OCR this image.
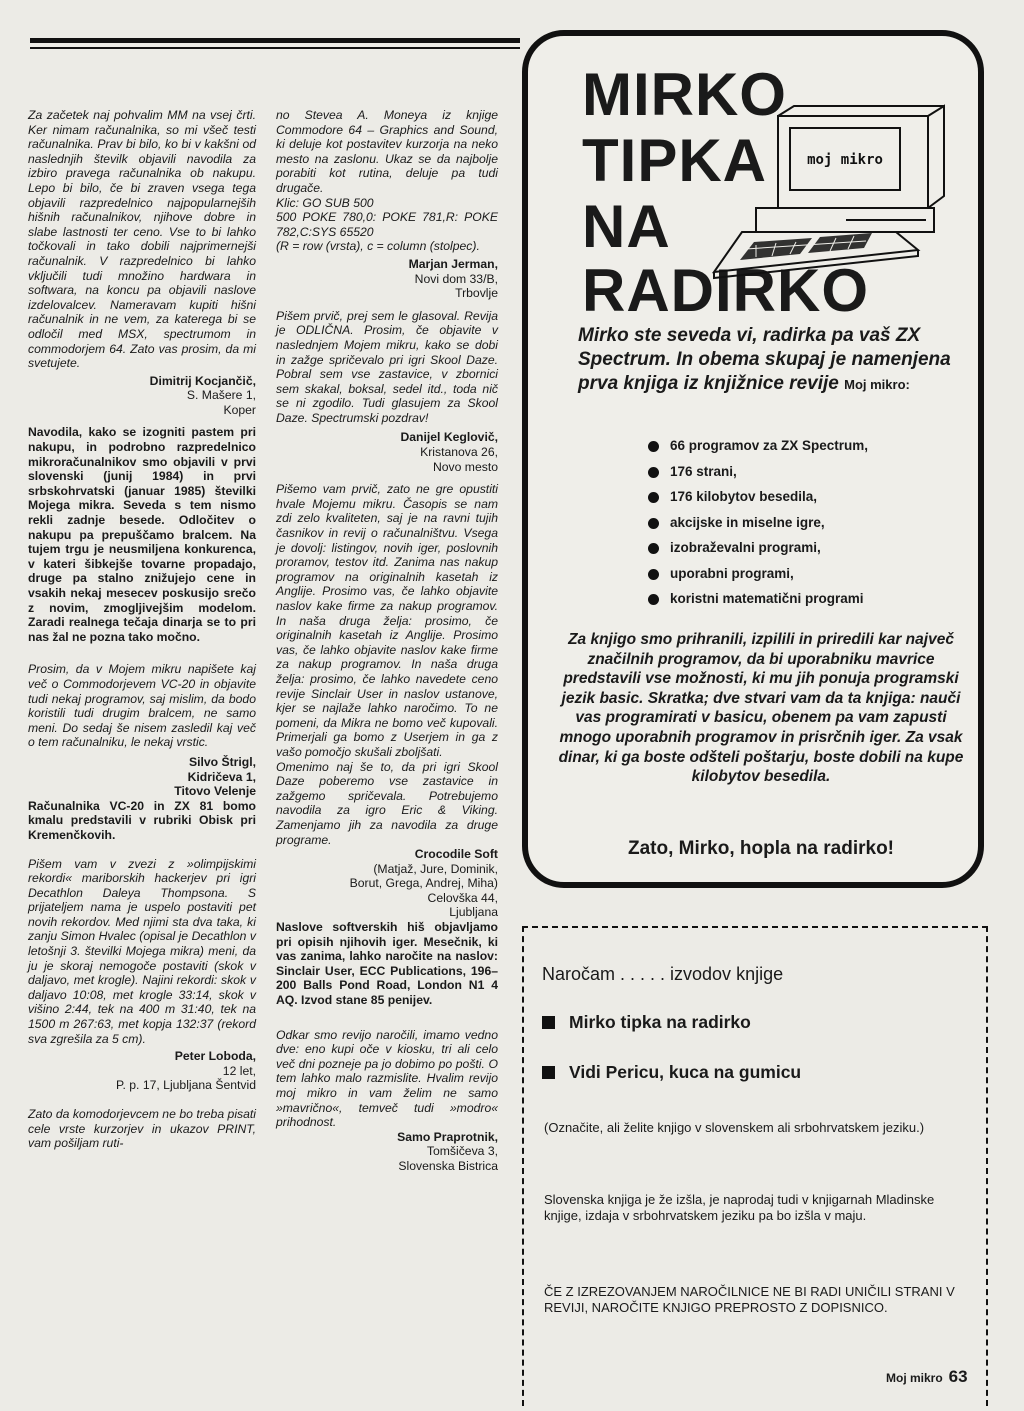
Za začetek naj pohvalim MM na vsej črti. Ker nimam računalnika, so mi všeč testi računalnika. Prav bi bilo, ko bi v kakšni od naslednjih številk objavili navodila za izbiro pravega računalnika ob nakupu. Lepo bi bilo, če bi zraven vsega tega objavili razpredelnico najpopularnejših hišnih računalnikov, njihove dobre in slabe lastnosti ter ceno. Vse to bi lahko točkovali in tako dobili najprimernejši računalnik. V razpredelnico bi lahko vključili tudi množino hardwara in softwara, na koncu pa objavili naslove izdelovalcev. Nameravam kupiti hišni računalnik in ne vem, za katerega bi se odločil med MSX, spectrumom in commodorjem 64. Zato vas prosim, da mi svetujete.

Dimitrij Kocjančič,
S. Mašere 1,
Koper

Navodila, kako se izogniti pastem pri nakupu, in podrobno razpredelnico mikroračunalnikov smo objavili v prvi slovenski (junij 1984) in prvi srbskohrvatski (januar 1985) številki Mojega mikra. Seveda s tem nismo rekli zadnje besede. Odločitev o nakupu pa prepuščamo bralcem. Na tujem trgu je neusmiljena konkurenca, v kateri šibkejše tovarne propadajo, druge pa stalno znižujejo cene in vsakih nekaj mesecev poskusijo srečo z novim, zmogljivejšim modelom. Zaradi realnega tečaja dinarja se to pri nas žal ne pozna tako močno.

Prosim, da v Mojem mikru napišete kaj več o Commodorjevem VC-20 in objavite tudi nekaj programov, saj mislim, da bodo koristili tudi drugim bralcem, ne samo meni. Do sedaj še nisem zasledil kaj več o tem računalniku, le nekaj vrstic.

Silvo Štrigl,
Kidričeva 1,
Titovo Velenje

Računalnika VC-20 in ZX 81 bomo kmalu predstavili v rubriki Obisk pri Kremenčkovih.

Pišem vam v zvezi z »olimpijskimi rekordi« mariborskih hackerjev pri igri Decathlon Daleya Thompsona. S prijateljem nama je uspelo postaviti pet novih rekordov. Med njimi sta dva taka, ki zanju Simon Hvalec (opisal je Decathlon v letošnji 3. številki Mojega mikra) meni, da ju je skoraj nemogoče postaviti (skok v daljavo, met krogle). Najini rekordi: skok v daljavo 10:08, met krogle 33:14, skok v višino 2:44, tek na 400 m 31:40, tek na 1500 m 267:63, met kopja 132:37 (rekord sva zgrešila za 5 cm).

Peter Loboda,
12 let,
P. p. 17, Ljubljana Šentvid

Zato da komodorjevcem ne bo treba pisati cele vrste kurzorjev in ukazov PRINT, vam pošiljam ruti-

no Stevea A. Moneya iz knjige Commodore 64 – Graphics and Sound, ki deluje kot postavitev kurzorja na neko mesto na zaslonu. Ukaz se da najbolje porabiti kot rutina, deluje pa tudi drugače.

Klic: GO SUB 500
500 POKE 780,0: POKE 781,R: POKE 782,C:SYS 65520
(R = row (vrsta), c = column (stolpec).

Marjan Jerman,
Novi dom 33/B,
Trbovlje

Pišem prvič, prej sem le glasoval. Revija je ODLIČNA. Prosim, če objavite v naslednjem Mojem mikru, kako se dobi in zažge spričevalo pri igri Skool Daze. Pobral sem vse zastavice, v zbornici sem skakal, boksal, sedel itd., toda nič se ni zgodilo. Tudi glasujem za Skool Daze. Spectrumski pozdrav!

Danijel Keglovič,
Kristanova 26,
Novo mesto

Pišemo vam prvič, zato ne gre opustiti hvale Mojemu mikru. Časopis se nam zdi zelo kvaliteten, saj je na ravni tujih časnikov in revij o računalništvu. Vsega je dovolj: listingov, novih iger, poslovnih proramov, testov itd. Zanima nas nakup programov na originalnih kasetah iz Anglije. Prosimo vas, če lahko objavite naslov kake firme za nakup programov. In naša druga želja: prosimo, če originalnih kasetah iz Anglije. Prosimo vas, če lahko objavite naslov kake firme za nakup programov. In naša druga želja: prosimo, če lahko navedete ceno revije Sinclair User in naslov ustanove, kjer se najlaže lahko naročimo. To ne pomeni, da Mikra ne bomo več kupovali. Primerjali ga bomo z Userjem in ga z vašo pomočjo skušali zboljšati.

Omenimo naj še to, da pri igri Skool Daze poberemo vse zastavice in zažgemo spričevala. Potrebujemo navodila za igro Eric & Viking. Zamenjamo jih za navodila za druge programe.

Crocodile Soft
(Matjaž, Jure, Dominik,
Borut, Grega, Andrej, Miha)
Celovška 44,
Ljubljana

Naslove softverskih hiš objavljamo pri opisih njihovih iger. Mesečnik, ki vas zanima, lahko naročite na naslov: Sinclair User, ECC Publications, 196–200 Balls Pond Road, London N1 4 AQ. Izvod stane 85 penijev.

Odkar smo revijo naročili, imamo vedno dve: eno kupi oče v kiosku, tri ali celo več dni pozneje pa jo dobimo po pošti. O tem lahko malo razmislite. Hvalim revijo moj mikro in vam želim ne samo »mavrično«, temveč tudi »modro« prihodnost.

Samo Praprotnik,
Tomšičeva 3,
Slovenska Bistrica
MIRKO
TIPKA
NA
RADIRKO
moj mikro
Mirko ste seveda vi, radirka pa vaš ZX Spectrum. In obema skupaj je namenjena prva knjiga iz knjižnice revije Moj mikro:
66 programov za ZX Spectrum,
176 strani,
176 kilobytov besedila,
akcijske in miselne igre,
izobraževalni programi,
uporabni programi,
koristni matematični programi
Za knjigo smo prihranili, izpilili in priredili kar največ značilnih programov, da bi uporabniku mavrice predstavili vse možnosti, ki mu jih ponuja programski jezik basic. Skratka; dve stvari vam da ta knjiga: nauči vas programirati v basicu, obenem pa vam zapusti mnogo uporabnih programov in prisrčnih iger. Za vsak dinar, ki ga boste odšteli poštarju, boste dobili na kupe kilobytov besedila.
Zato, Mirko, hopla na radirko!
Naročam . . . . . izvodov knjige
Mirko tipka na radirko
Vidi Pericu, kuca na gumicu
(Označite, ali želite knjigo v slovenskem ali srbohrvatskem jeziku.)
Slovenska knjiga je že izšla, je naprodaj tudi v knjigarnah Mladinske knjige, izdaja v srbohrvatskem jeziku pa bo izšla v maju.
ČE Z IZREZOVANJEM NAROČILNICE NE BI RADI UNIČILI STRANI V REVIJI, NAROČITE KNJIGO PREPROSTO Z DOPISNICO.
Moj mikro 63
